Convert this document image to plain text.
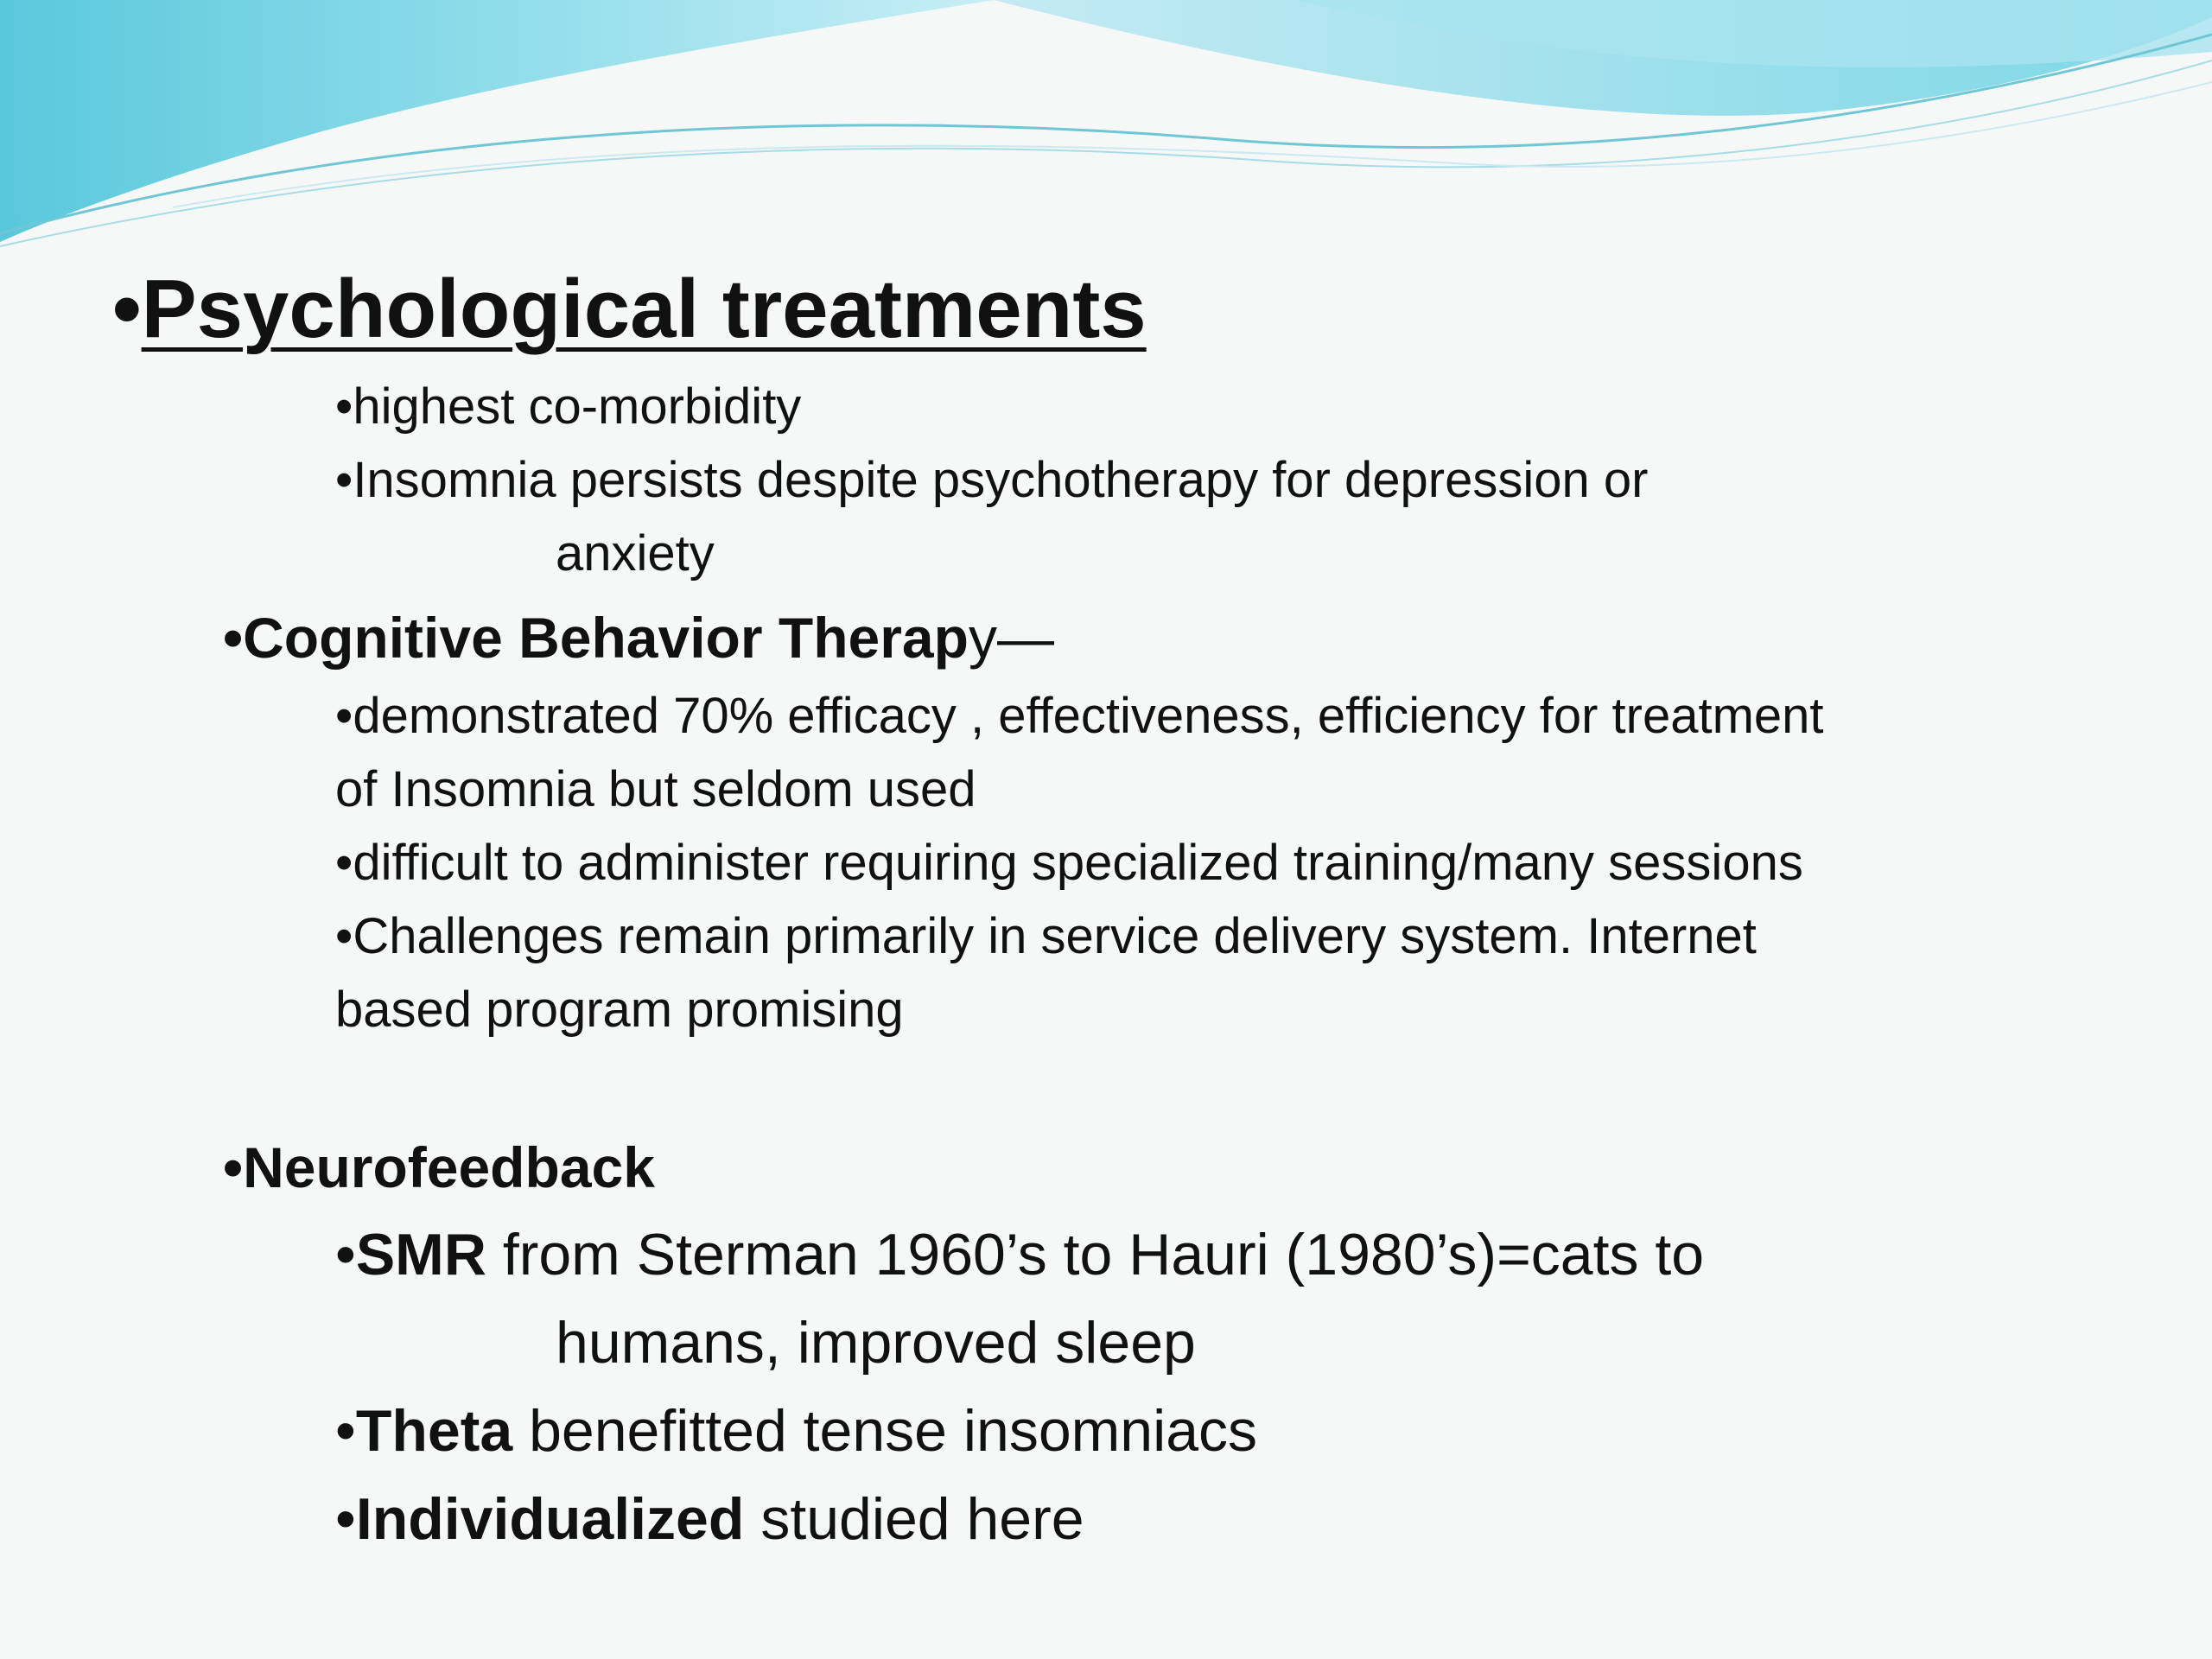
•Psychological treatments
•highest co-morbidity
•Insomnia persists despite psychotherapy for depression or
anxiety
•Cognitive Behavior Therapy—
•demonstrated 70% efficacy , effectiveness, efficiency for treatment
of Insomnia but seldom used
•difficult to administer requiring specialized training/many sessions
•Challenges remain primarily in service delivery system. Internet
based program promising
•Neurofeedback
•SMR from Sterman 1960’s to Hauri (1980’s)=cats to
humans, improved sleep
•Theta benefitted tense insomniacs
•Individualized studied here
